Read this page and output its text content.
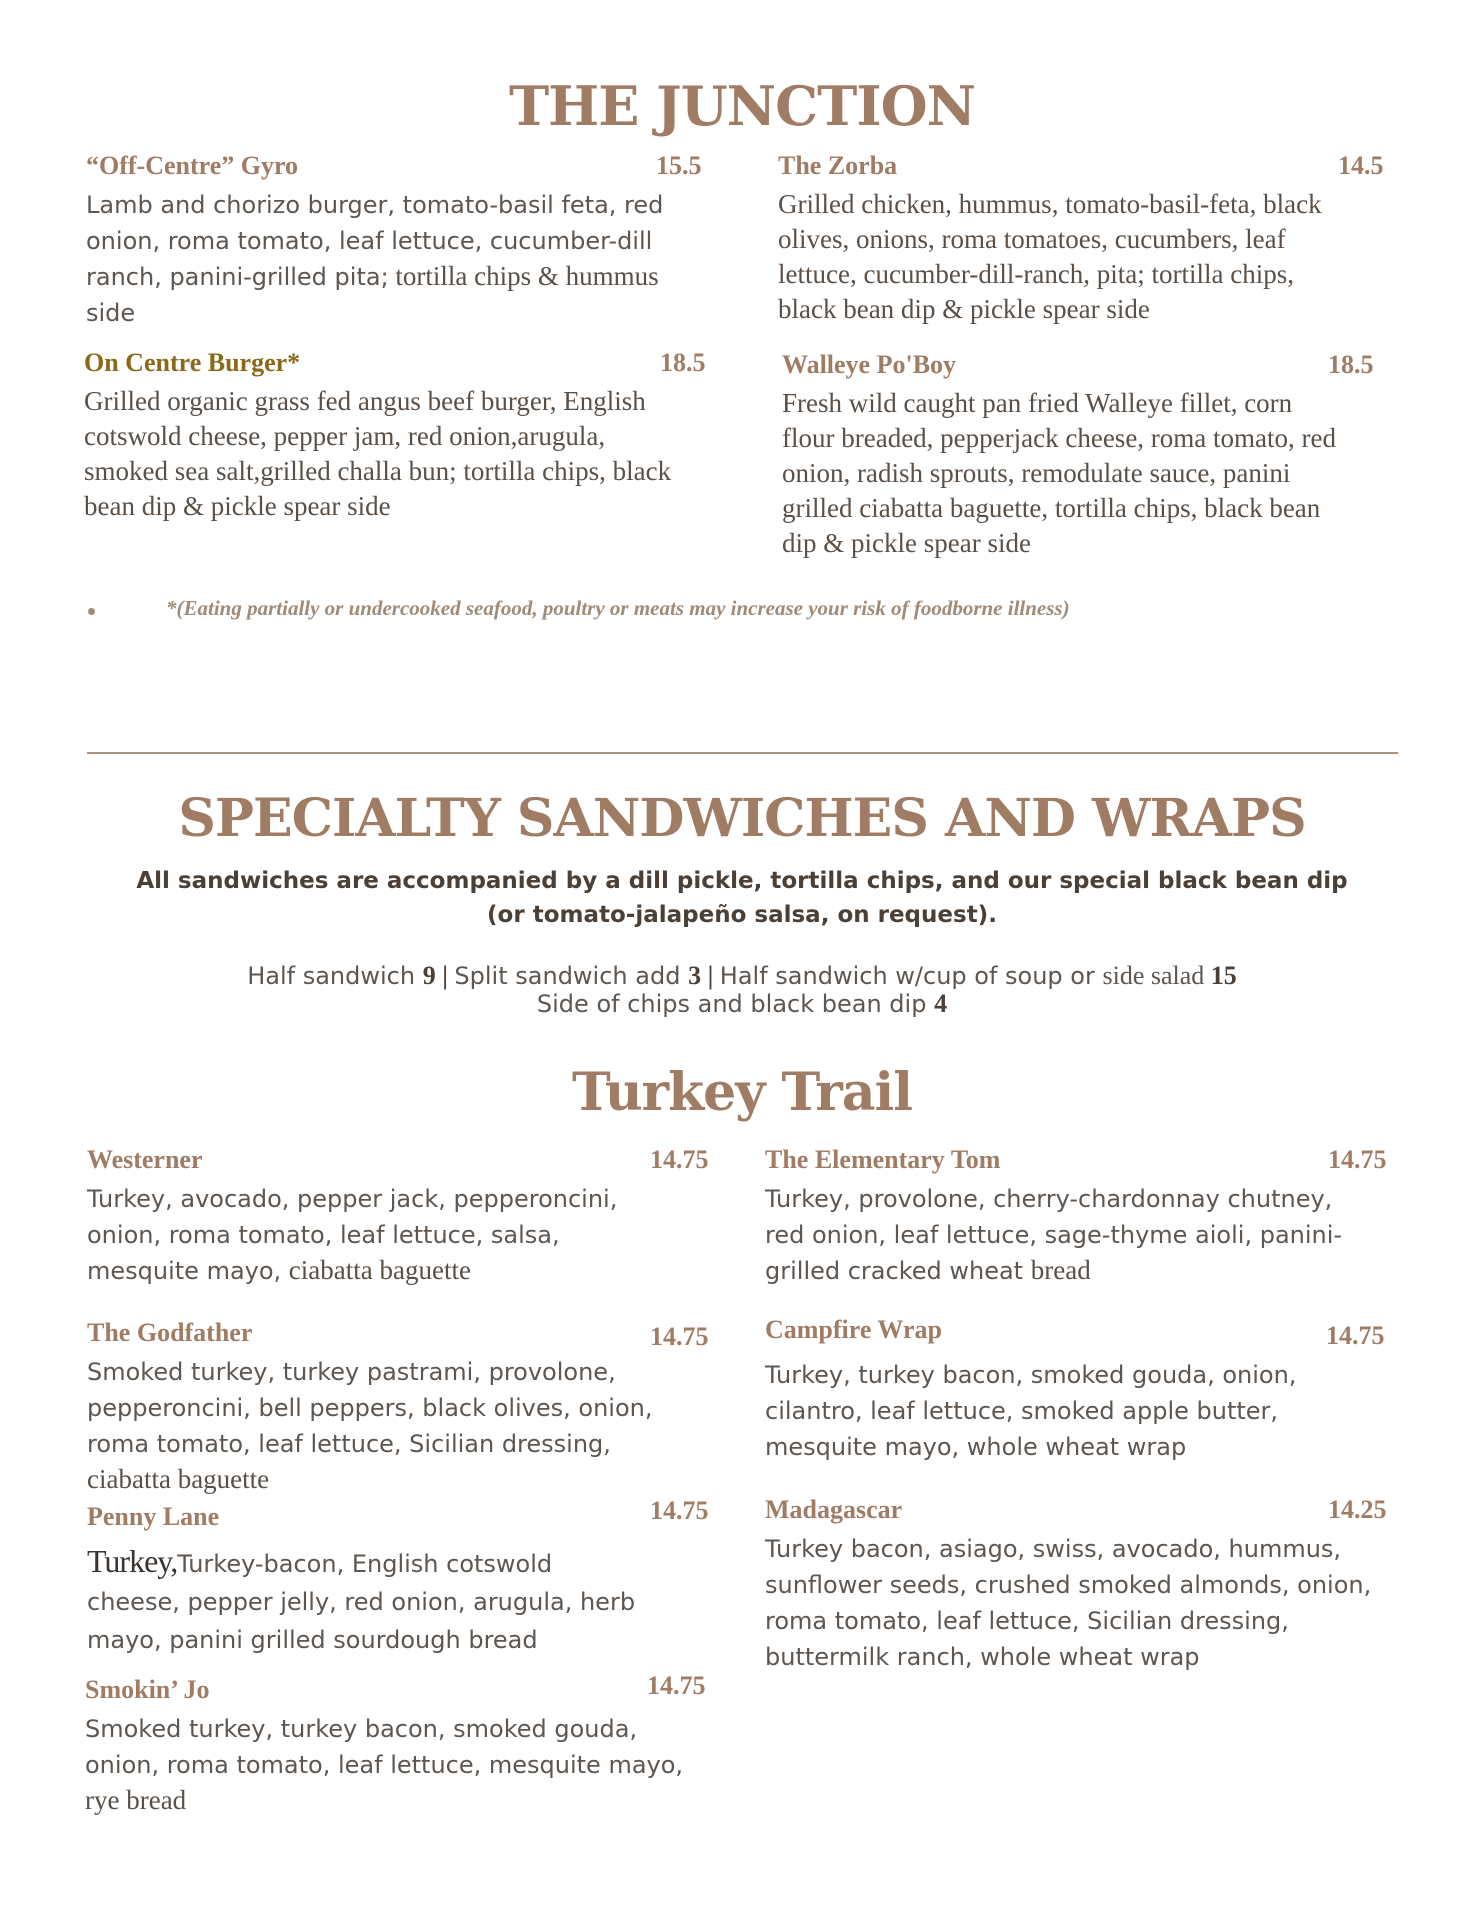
THE JUNCTION
“Off-Centre” Gyro	15.5
Lamb and chorizo burger, tomato-basil feta, red onion, roma tomato, leaf lettuce, cucumber-dill ranch, panini-grilled pita; tortilla chips & hummus
side
The Zorba	14.5
Grilled chicken, hummus, tomato-basil-feta, black olives, onions, roma tomatoes, cucumbers, leaf lettuce, cucumber-dill-ranch, pita; tortilla chips, black bean dip & pickle spear side
On Centre Burger*	18.5
Grilled organic grass fed angus beef burger, English cotswold cheese, pepper jam, red onion,arugula, smoked sea salt,grilled challa bun; tortilla chips, black bean dip & pickle spear side
Walleye Po'Boy	18.5
Fresh wild caught pan fried Walleye fillet, corn flour breaded, pepperjack cheese, roma tomato, red onion, radish sprouts, remodulate sauce, panini grilled ciabatta baguette, tortilla chips, black bean dip & pickle spear side
*(Eating partially or undercooked seafood, poultry or meats may increase your risk of foodborne illness)
SPECIALTY SANDWICHES AND WRAPS
All sandwiches are accompanied by a dill pickle, tortilla chips, and our special black bean dip
(or tomato-jalapeño salsa, on request).
Half sandwich 9 | Split sandwich add 3 | Half sandwich w/cup of soup or side salad 15
Side of chips and black bean dip 4
Turkey Trail
Westerner	14.75
Turkey, avocado, pepper jack, pepperoncini, onion, roma tomato, leaf lettuce, salsa, mesquite mayo, ciabatta baguette
The Elementary Tom	14.75
Turkey, provolone, cherry-chardonnay chutney, red onion, leaf lettuce, sage-thyme aioli, panini-grilled cracked wheat bread
The Godfather	14.75
Smoked turkey, turkey pastrami, provolone, pepperoncini, bell peppers, black olives, onion, roma tomato, leaf lettuce, Sicilian dressing,
ciabatta baguette
Campfire Wrap	14.75
Turkey, turkey bacon, smoked gouda, onion, cilantro, leaf lettuce, smoked apple butter, mesquite mayo, whole wheat wrap
Penny Lane	14.75
Turkey,Turkey-bacon, English cotswold cheese, pepper jelly, red onion, arugula, herb mayo, panini grilled sourdough bread
Madagascar	14.25
Turkey bacon, asiago, swiss, avocado, hummus, sunflower seeds, crushed smoked almonds, onion, roma tomato, leaf lettuce, Sicilian dressing, buttermilk ranch, whole wheat wrap
Smokin’ Jo	14.75
Smoked turkey, turkey bacon, smoked gouda, onion, roma tomato, leaf lettuce, mesquite mayo, rye bread
